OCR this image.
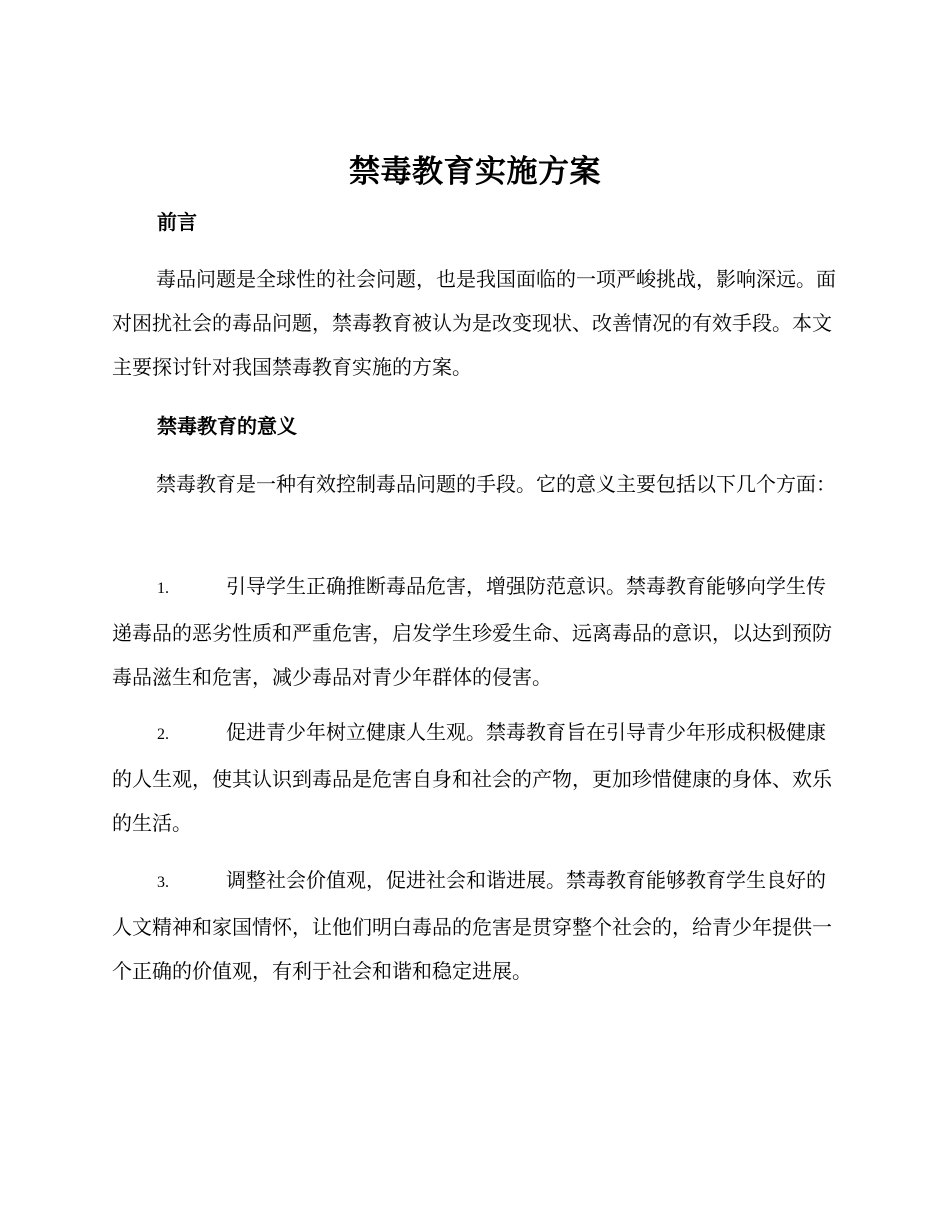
禁毒教育实施方案
前言

毒品问题是全球性的社会问题，也是我国面临的一项严峻挑战，影响深远。面对困扰社会的毒品问题，禁毒教育被认为是改变现状、改善情况的有效手段。本文主要探讨针对我国禁毒教育实施的方案。

禁毒教育的意义

禁毒教育是一种有效控制毒品问题的手段。它的意义主要包括以下几个方面：

1.	引导学生正确推断毒品危害，增强防范意识。禁毒教育能够向学生传递毒品的恶劣性质和严重危害，启发学生珍爱生命、远离毒品的意识，以达到预防毒品滋生和危害，减少毒品对青少年群体的侵害。

2.	促进青少年树立健康人生观。禁毒教育旨在引导青少年形成积极健康的人生观，使其认识到毒品是危害自身和社会的产物，更加珍惜健康的身体、欢乐的生活。

3.	调整社会价值观，促进社会和谐进展。禁毒教育能够教育学生良好的人文精神和家国情怀，让他们明白毒品的危害是贯穿整个社会的，给青少年提供一个正确的价值观，有利于社会和谐和稳定进展。
